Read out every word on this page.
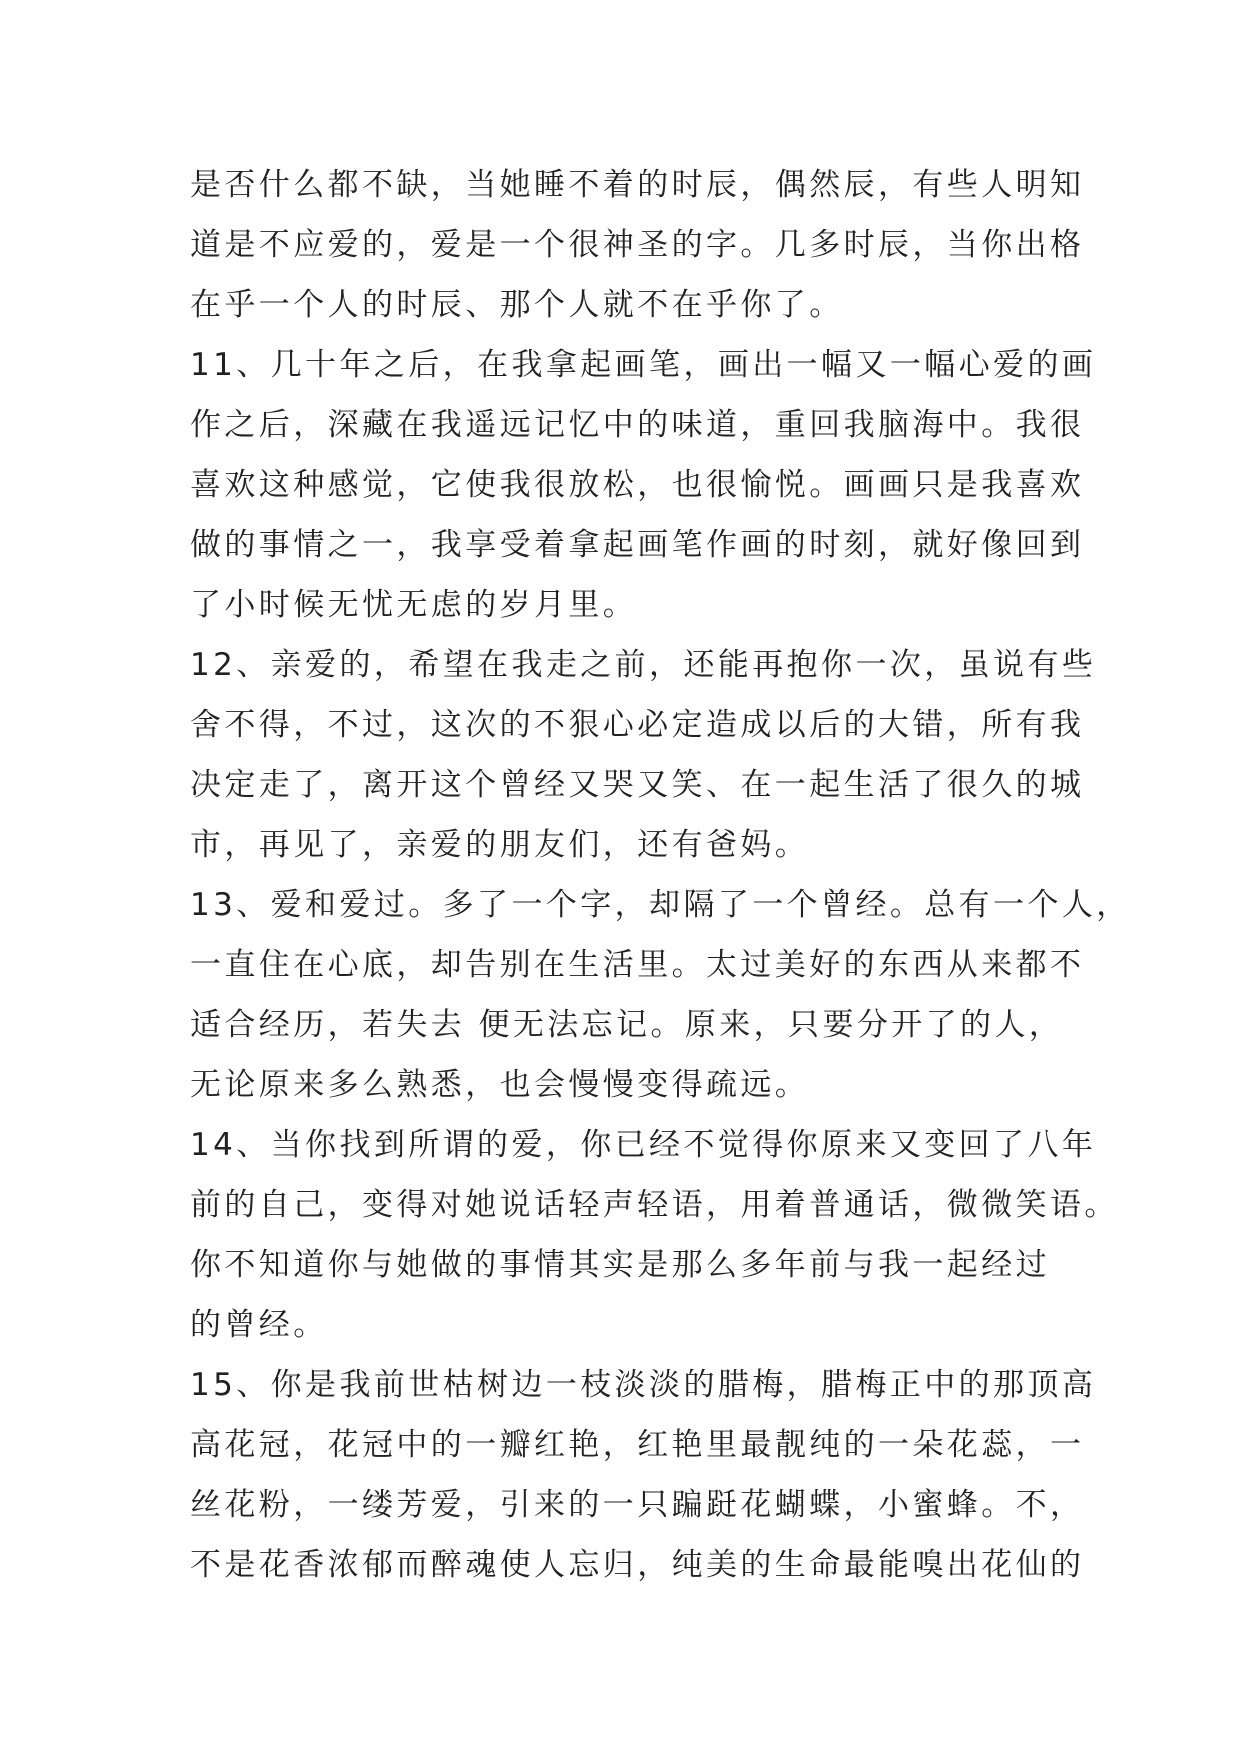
是否什么都不缺，当她睡不着的时辰，偶然辰，有些人明知
道是不应爱的，爱是一个很神圣的字。几多时辰，当你出格
在乎一个人的时辰、那个人就不在乎你了。
11、几十年之后，在我拿起画笔，画出一幅又一幅心爱的画
作之后，深藏在我遥远记忆中的味道，重回我脑海中。我很
喜欢这种感觉，它使我很放松，也很愉悦。画画只是我喜欢
做的事情之一，我享受着拿起画笔作画的时刻，就好像回到
了小时候无忧无虑的岁月里。
12、亲爱的，希望在我走之前，还能再抱你一次，虽说有些
舍不得，不过，这次的不狠心必定造成以后的大错，所有我
决定走了，离开这个曾经又哭又笑、在一起生活了很久的城
市，再见了，亲爱的朋友们，还有爸妈。
13、爱和爱过。多了一个字，却隔了一个曾经。总有一个人，
一直住在心底，却告别在生活里。太过美好的东西从来都不
适合经历，若失去 便无法忘记。原来，只要分开了的人，
无论原来多么熟悉，也会慢慢变得疏远。
14、当你找到所谓的爱，你已经不觉得你原来又变回了八年
前的自己，变得对她说话轻声轻语，用着普通话，微微笑语。
你不知道你与她做的事情其实是那么多年前与我一起经过
的曾经。
15、你是我前世枯树边一枝淡淡的腊梅，腊梅正中的那顶高
高花冠，花冠中的一瓣红艳，红艳里最靓纯的一朵花蕊，一
丝花粉，一缕芳爱，引来的一只蹁跹花蝴蝶，小蜜蜂。不，
不是花香浓郁而醉魂使人忘归，纯美的生命最能嗅出花仙的
